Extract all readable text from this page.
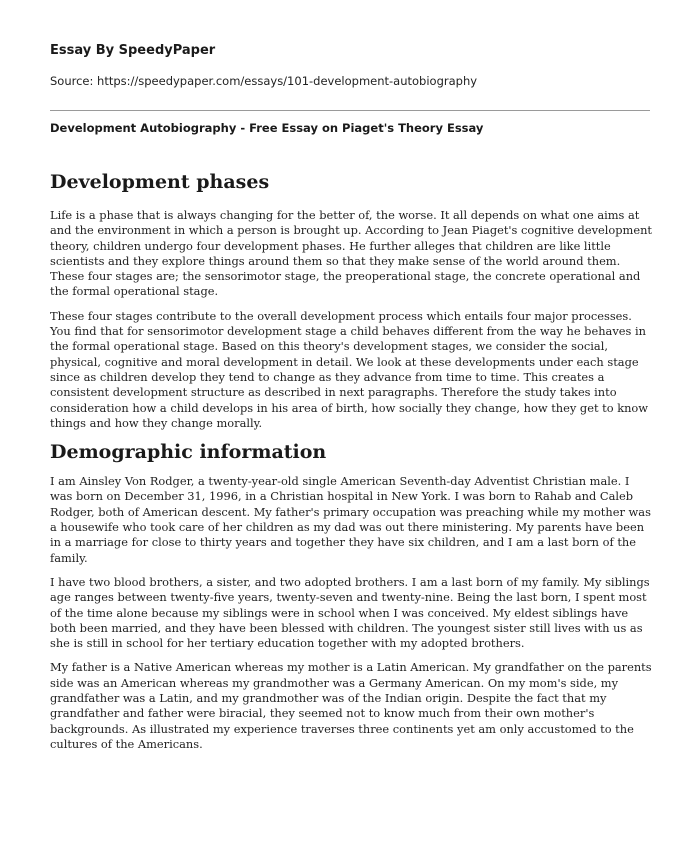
Essay By SpeedyPaper
Source: https://speedypaper.com/essays/101-development-autobiography
Development Autobiography - Free Essay on Piaget's Theory Essay
Development phases

Life is a phase that is always changing for the better of, the worse. It all depends on what one aims at and the environment in which a person is brought up. According to Jean Piaget's cognitive development theory, children undergo four development phases. He further alleges that children are like little scientists and they explore things around them so that they make sense of the world around them. These four stages are; the sensorimotor stage, the preoperational stage, the concrete operational and the formal operational stage.

These four stages contribute to the overall development process which entails four major processes. You find that for sensorimotor development stage a child behaves different from the way he behaves in the formal operational stage. Based on this theory's development stages, we consider the social, physical, cognitive and moral development in detail. We look at these developments under each stage since as children develop they tend to change as they advance from time to time. This creates a consistent development structure as described in next paragraphs. Therefore the study takes into consideration how a child develops in his area of birth, how socially they change, how they get to know things and how they change morally.

Demographic information

I am Ainsley Von Rodger, a twenty-year-old single American Seventh-day Adventist Christian male. I was born on December 31, 1996, in a Christian hospital in New York. I was born to Rahab and Caleb Rodger, both of American descent. My father's primary occupation was preaching while my mother was a housewife who took care of her children as my dad was out there ministering. My parents have been in a marriage for close to thirty years and together they have six children, and I am a last born of the family.

I have two blood brothers, a sister, and two adopted brothers. I am a last born of my family. My siblings age ranges between twenty-five years, twenty-seven and twenty-nine. Being the last born, I spent most of the time alone because my siblings were in school when I was conceived. My eldest siblings have both been married, and they have been blessed with children. The youngest sister still lives with us as she is still in school for her tertiary education together with my adopted brothers.

My father is a Native American whereas my mother is a Latin American. My grandfather on the parents side was an American whereas my grandmother was a Germany American. On my mom's side, my grandfather was a Latin, and my grandmother was of the Indian origin. Despite the fact that my grandfather and father were biracial, they seemed not to know much from their own mother's backgrounds. As illustrated my experience traverses three continents yet am only accustomed to the cultures of the Americans.
